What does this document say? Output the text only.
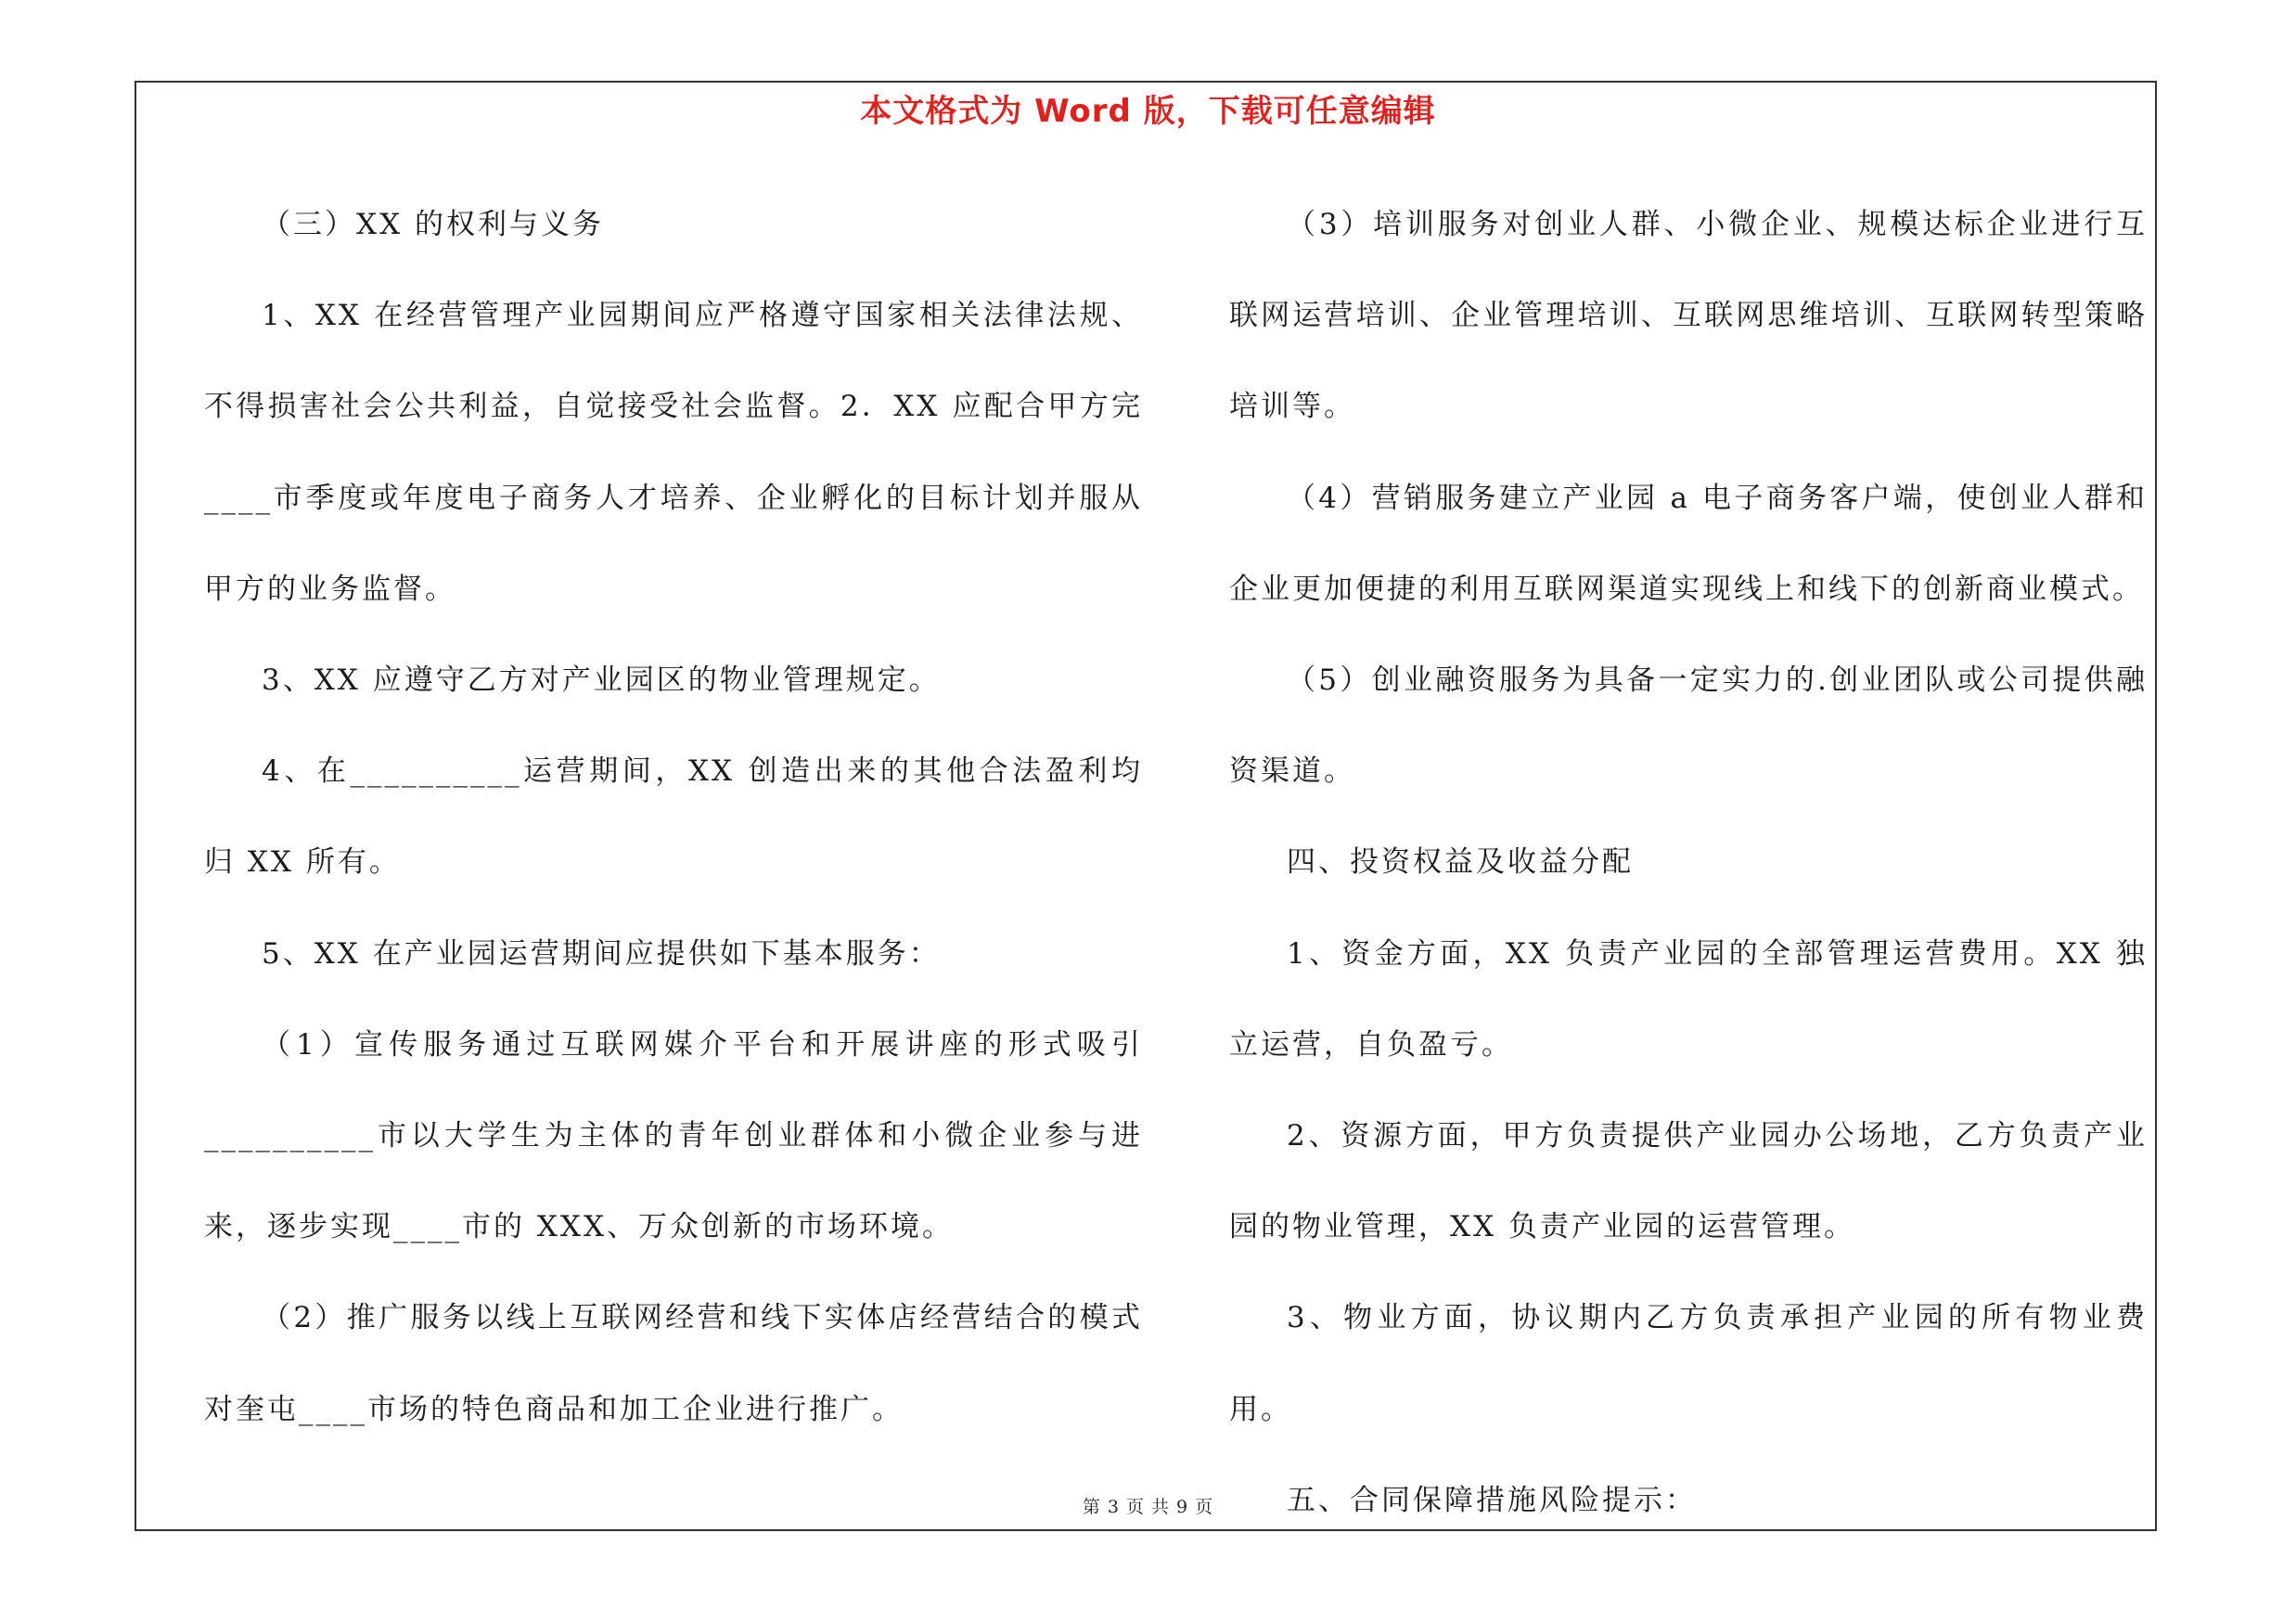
本文格式为 Word 版，下载可任意编辑

（三）XX 的权利与义务

1、XX 在经营管理产业园期间应严格遵守国家相关法律法规、不得损害社会公共利益，自觉接受社会监督。2．XX 应配合甲方完____市季度或年度电子商务人才培养、企业孵化的目标计划并服从甲方的业务监督。

3、XX 应遵守乙方对产业园区的物业管理规定。

4、在__________运营期间，XX 创造出来的其他合法盈利均归 XX 所有。

5、XX 在产业园运营期间应提供如下基本服务：

（1）宣传服务通过互联网媒介平台和开展讲座的形式吸引__________市以大学生为主体的青年创业群体和小微企业参与进来，逐步实现____市的 XXX、万众创新的市场环境。

（2）推广服务以线上互联网经营和线下实体店经营结合的模式对奎屯____市场的特色商品和加工企业进行推广。

（3）培训服务对创业人群、小微企业、规模达标企业进行互联网运营培训、企业管理培训、互联网思维培训、互联网转型策略培训等。

（4）营销服务建立产业园 a 电子商务客户端，使创业人群和企业更加便捷的利用互联网渠道实现线上和线下的创新商业模式。

（5）创业融资服务为具备一定实力的.创业团队或公司提供融资渠道。

四、投资权益及收益分配

1、资金方面，XX 负责产业园的全部管理运营费用。XX 独立运营，自负盈亏。

2、资源方面，甲方负责提供产业园办公场地，乙方负责产业园的物业管理，XX 负责产业园的运营管理。

3、物业方面，协议期内乙方负责承担产业园的所有物业费用。

五、合同保障措施风险提示：

第 3 页 共 9 页
